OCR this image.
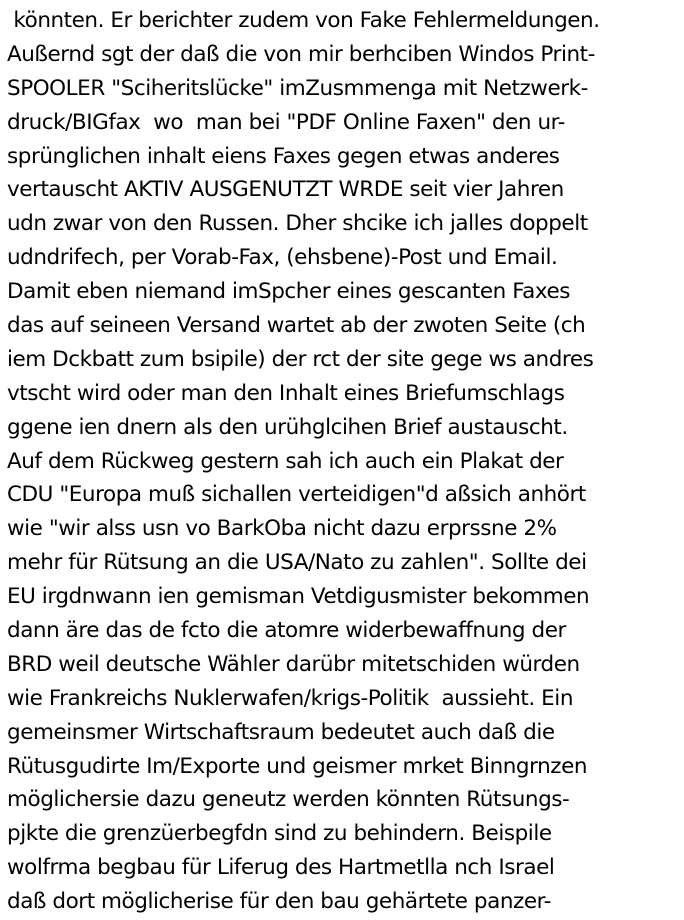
könnten. Er berichter zudem von Fake Fehlermeldungen.
Außernd sgt der daß die von mir berhciben Windos Print-
SPOOLER "Sciheritslücke" imZusmmenga mit Netzwerk-
druck/BIGfax  wo  man bei "PDF Online Faxen" den ur-
sprünglichen inhalt eiens Faxes gegen etwas anderes
vertauscht AKTIV AUSGENUTZT WRDE seit vier Jahren
udn zwar von den Russen. Dher shcike ich jalles doppelt
udndrifech, per Vorab-Fax, (ehsbene)-Post und Email.
Damit eben niemand imSpcher eines gescanten Faxes
das auf seineen Versand wartet ab der zwoten Seite (ch
iem Dckbatt zum bsipile) der rct der site gege ws andres
vtscht wird oder man den Inhalt eines Briefumschlags
ggene ien dnern als den urühglcihen Brief austauscht.
Auf dem Rückweg gestern sah ich auch ein Plakat der
CDU "Europa muß sichallen verteidigen"d aßsich anhört
wie "wir alss usn vo BarkOba nicht dazu erprssne 2%
mehr für Rütsung an die USA/Nato zu zahlen". Sollte dei
EU irgdnwann ien gemisman Vetdigusmister bekommen
dann äre das de fcto die atomre widerbewaffnung der
BRD weil deutsche Wähler darübr mitetschiden würden
wie Frankreichs Nuklerwafen/krigs-Politik  aussieht. Ein
gemeinsmer Wirtschaftsraum bedeutet auch daß die
Rütusgudirte Im/Exporte und geismer mrket Binngrnzen
möglichersie dazu geneutz werden könnten Rütsungs-
pjkte die grenzüerbegfdn sind zu behindern. Beispile
wolfrma begbau für Liferug des Hartmetlla nch Israel
daß dort möglicherise für den bau gehärtete panzer-
